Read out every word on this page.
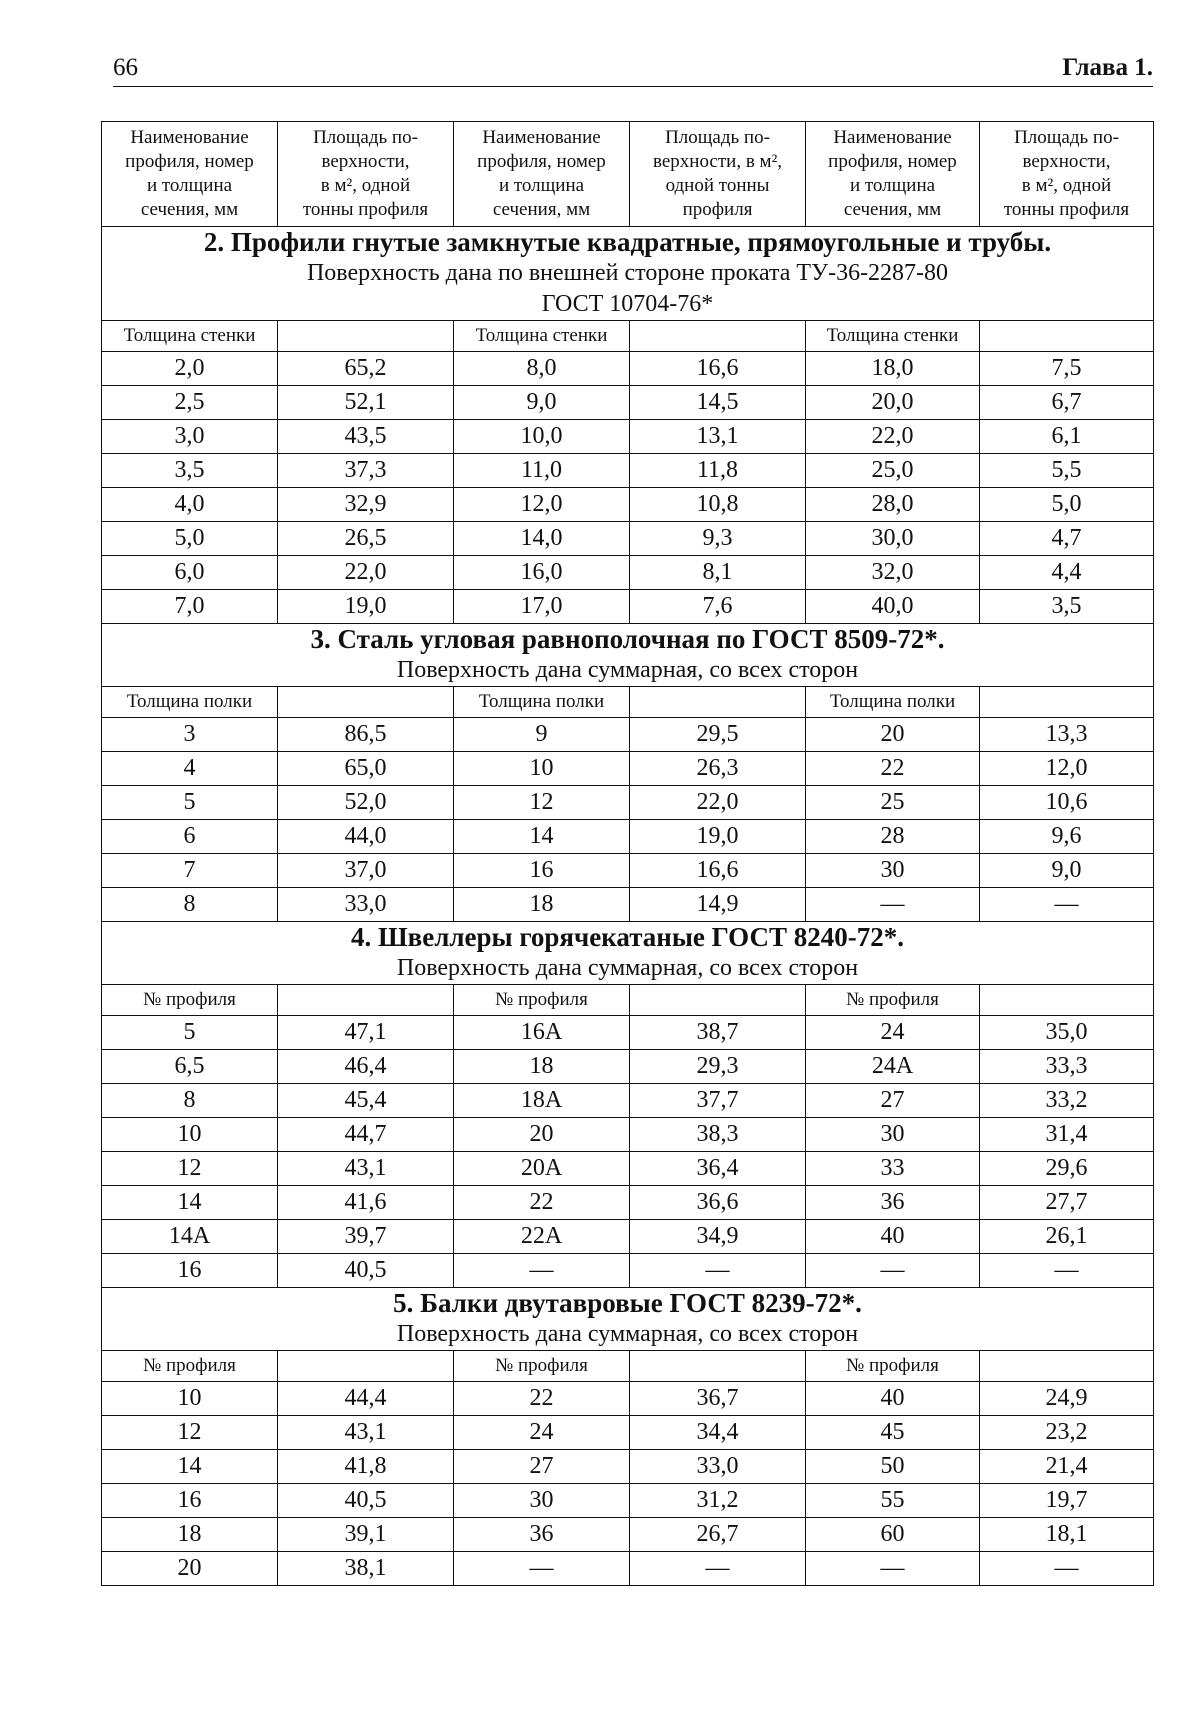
66	Глава 1.
Наименование
профиля, номер
и толщина
сечения, мм	Площадь по-
верхности,
в м², одной
тонны профиля	Наименование
профиля, номер
и толщина
сечения, мм	Площадь по-
верхности, в м²,
одной тонны
профиля	Наименование
профиля, номер
и толщина
сечения, мм	Площадь по-
верхности,
в м², одной
тонны профиля

2. Профили гнутые замкнутые квадратные, прямоугольные и трубы.
Поверхность дана по внешней стороне проката ТУ-36-2287-80
ГОСТ 10704-76*					

Толщина стенки		Толщина стенки		Толщина стенки	
2,0	65,2	8,0	16,6	18,0	7,5
2,5	52,1	9,0	14,5	20,0	6,7
3,0	43,5	10,0	13,1	22,0	6,1
3,5	37,3	11,0	11,8	25,0	5,5
4,0	32,9	12,0	10,8	28,0	5,0
5,0	26,5	14,0	9,3	30,0	4,7
6,0	22,0	16,0	8,1	32,0	4,4
7,0	19,0	17,0	7,6	40,0	3,5

3. Сталь угловая равнополочная по ГОСТ 8509-72*.
Поверхность дана суммарная, со всех сторон					

Толщина полки		Толщина полки		Толщина полки	
3	86,5	9	29,5	20	13,3
4	65,0	10	26,3	22	12,0
5	52,0	12	22,0	25	10,6
6	44,0	14	19,0	28	9,6
7	37,0	16	16,6	30	9,0
8	33,0	18	14,9	—	—

4. Швеллеры горячекатаные ГОСТ 8240-72*.
Поверхность дана суммарная, со всех сторон					

№ профиля		№ профиля		№ профиля	
5	47,1	16А	38,7	24	35,0
6,5	46,4	18	29,3	24А	33,3
8	45,4	18А	37,7	27	33,2
10	44,7	20	38,3	30	31,4
12	43,1	20А	36,4	33	29,6
14	41,6	22	36,6	36	27,7
14А	39,7	22А	34,9	40	26,1
16	40,5	—	—	—	—

5. Балки двутавровые ГОСТ 8239-72*.
Поверхность дана суммарная, со всех сторон					

№ профиля		№ профиля		№ профиля	
10	44,4	22	36,7	40	24,9
12	43,1	24	34,4	45	23,2
14	41,8	27	33,0	50	21,4
16	40,5	30	31,2	55	19,7
18	39,1	36	26,7	60	18,1
20	38,1	—	—	—	—
